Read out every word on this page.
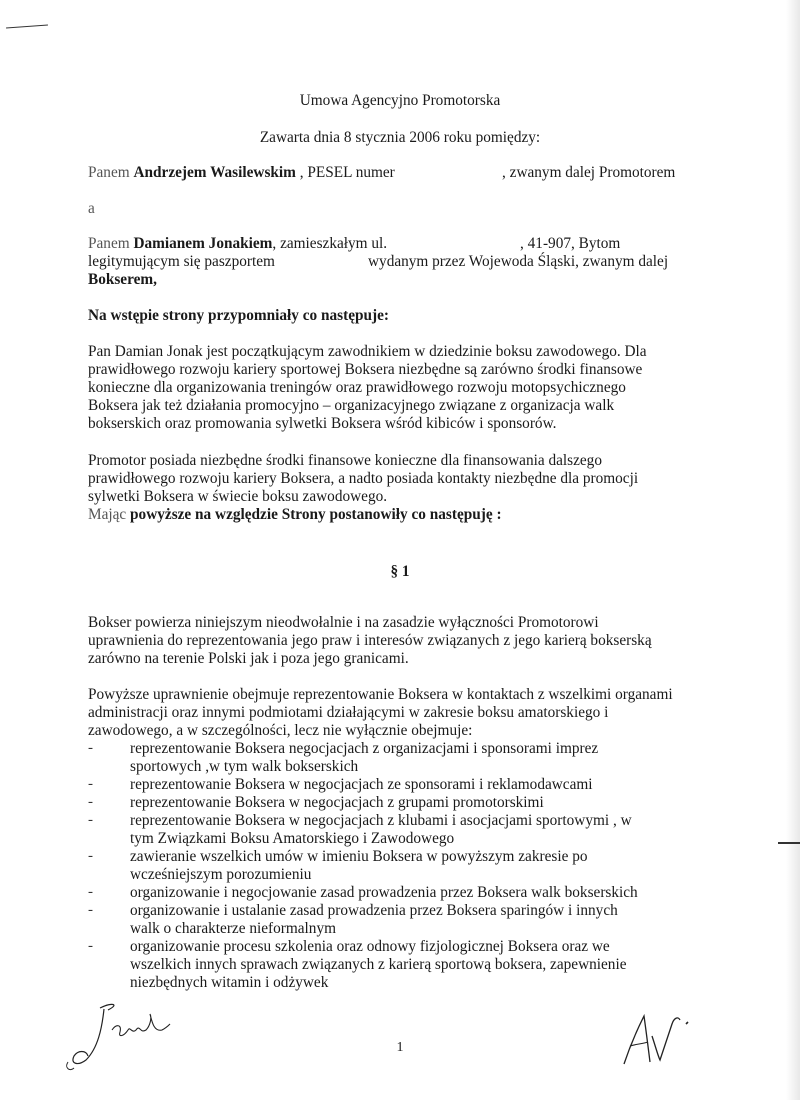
Umowa Agencyjno Promotorska
Zawarta dnia 8 stycznia 2006 roku pomiędzy:
Panem Andrzejem Wasilewskim , PESEL numer	, zwanym dalej Promotorem
a
Panem Damianem Jonakiem, zamieszkałym ul.	, 41-907, Bytom
legitymującym się paszportem	wydanym przez Wojewoda Śląski, zwanym dalej
Bokserem,
Na wstępie strony przypomniały co następuje:
Pan Damian Jonak jest początkującym zawodnikiem w dziedzinie boksu zawodowego. Dla
prawidłowego rozwoju kariery sportowej Boksera niezbędne są zarówno środki finansowe
konieczne dla organizowania treningów oraz prawidłowego rozwoju motopsychicznego
Boksera jak też działania promocyjno – organizacyjnego związane z organizacja walk
bokserskich oraz promowania sylwetki Boksera wśród kibiców i sponsorów.
Promotor posiada niezbędne środki finansowe konieczne dla finansowania dalszego
prawidłowego rozwoju kariery Boksera, a nadto posiada kontakty niezbędne dla promocji
sylwetki Boksera w świecie boksu zawodowego.
Mając powyższe na względzie Strony postanowiły co następuję :
§ 1
Bokser powierza niniejszym nieodwołalnie i na zasadzie wyłączności Promotorowi
uprawnienia do reprezentowania jego praw i interesów związanych z jego karierą bokserską
zarówno na terenie Polski jak i poza jego granicami.
Powyższe uprawnienie obejmuje reprezentowanie Boksera w kontaktach z wszelkimi organami
administracji oraz innymi podmiotami działającymi w zakresie boksu amatorskiego i
zawodowego, a w szczególności, lecz nie wyłącznie obejmuje:
- reprezentowanie Boksera negocjacjach z organizacjami i sponsorami imprez
sportowych ,w tym walk bokserskich
- reprezentowanie Boksera w negocjacjach ze sponsorami i reklamodawcami
- reprezentowanie Boksera w negocjacjach z grupami promotorskimi
- reprezentowanie Boksera w negocjacjach z klubami i asocjacjami sportowymi , w
tym Związkami Boksu Amatorskiego i Zawodowego
- zawieranie wszelkich umów w imieniu Boksera w powyższym zakresie po
wcześniejszym porozumieniu
- organizowanie i negocjowanie zasad prowadzenia przez Boksera walk bokserskich
- organizowanie i ustalanie zasad prowadzenia przez Boksera sparingów i innych
walk o charakterze nieformalnym
- organizowanie procesu szkolenia oraz odnowy fizjologicznej Boksera oraz we
wszelkich innych sprawach związanych z karierą sportową boksera, zapewnienie
niezbędnych witamin i odżywek
1
